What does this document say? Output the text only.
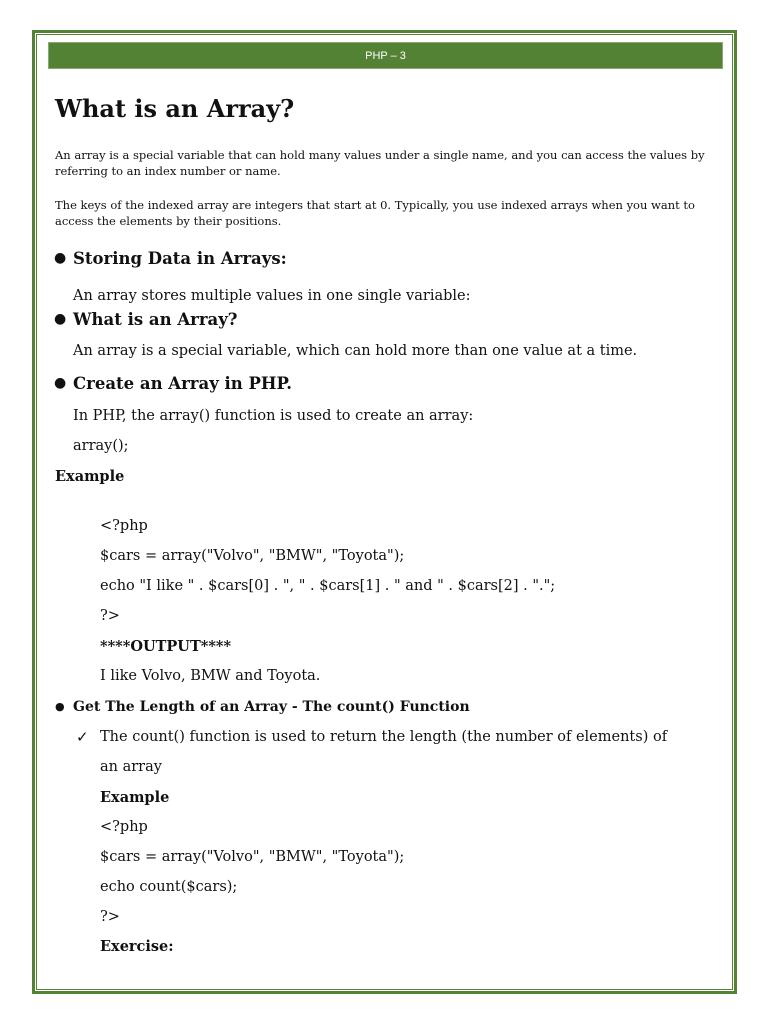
PHP – 3
What is an Array?
An array is a special variable that can hold many values under a single name, and you can access the values by referring to an index number or name.
The keys of the indexed array are integers that start at 0. Typically, you use indexed arrays when you want to access the elements by their positions.
● Storing Data in Arrays:
An array stores multiple values in one single variable:
● What is an Array?
An array is a special variable, which can hold more than one value at a time.
● Create an Array in PHP.
In PHP, the array() function is used to create an array:
array();
Example
<?php
$cars = array("Volvo", "BMW", "Toyota");
echo "I like " . $cars[0] . ", " . $cars[1] . " and " . $cars[2] . ".";
?>
****OUTPUT****
I like Volvo, BMW and Toyota.
● Get The Length of an Array - The count() Function
✓ The count() function is used to return the length (the number of elements) of
an array
Example
<?php
$cars = array("Volvo", "BMW", "Toyota");
echo count($cars);
?>
Exercise:
